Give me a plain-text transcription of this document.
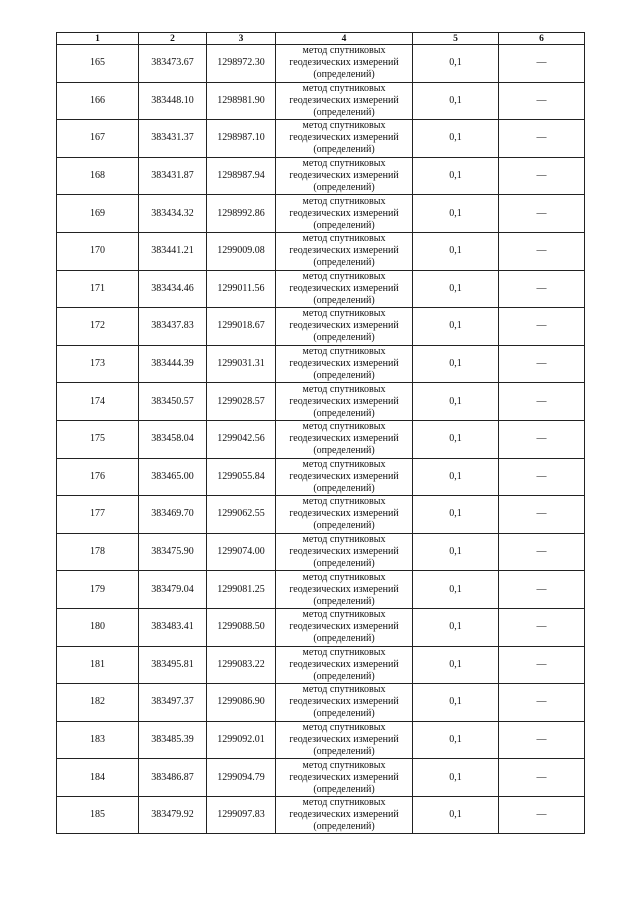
1	2	3	4	5	6
165	383473.67	1298972.30	метод спутниковых геодезических измерений (определений)	0,1	—
166	383448.10	1298981.90	метод спутниковых геодезических измерений (определений)	0,1	—
167	383431.37	1298987.10	метод спутниковых геодезических измерений (определений)	0,1	—
168	383431.87	1298987.94	метод спутниковых геодезических измерений (определений)	0,1	—
169	383434.32	1298992.86	метод спутниковых геодезических измерений (определений)	0,1	—
170	383441.21	1299009.08	метод спутниковых геодезических измерений (определений)	0,1	—
171	383434.46	1299011.56	метод спутниковых геодезических измерений (определений)	0,1	—
172	383437.83	1299018.67	метод спутниковых геодезических измерений (определений)	0,1	—
173	383444.39	1299031.31	метод спутниковых геодезических измерений (определений)	0,1	—
174	383450.57	1299028.57	метод спутниковых геодезических измерений (определений)	0,1	—
175	383458.04	1299042.56	метод спутниковых геодезических измерений (определений)	0,1	—
176	383465.00	1299055.84	метод спутниковых геодезических измерений (определений)	0,1	—
177	383469.70	1299062.55	метод спутниковых геодезических измерений (определений)	0,1	—
178	383475.90	1299074.00	метод спутниковых геодезических измерений (определений)	0,1	—
179	383479.04	1299081.25	метод спутниковых геодезических измерений (определений)	0,1	—
180	383483.41	1299088.50	метод спутниковых геодезических измерений (определений)	0,1	—
181	383495.81	1299083.22	метод спутниковых геодезических измерений (определений)	0,1	—
182	383497.37	1299086.90	метод спутниковых геодезических измерений (определений)	0,1	—
183	383485.39	1299092.01	метод спутниковых геодезических измерений (определений)	0,1	—
184	383486.87	1299094.79	метод спутниковых геодезических измерений (определений)	0,1	—
185	383479.92	1299097.83	метод спутниковых геодезических измерений (определений)	0,1	—
